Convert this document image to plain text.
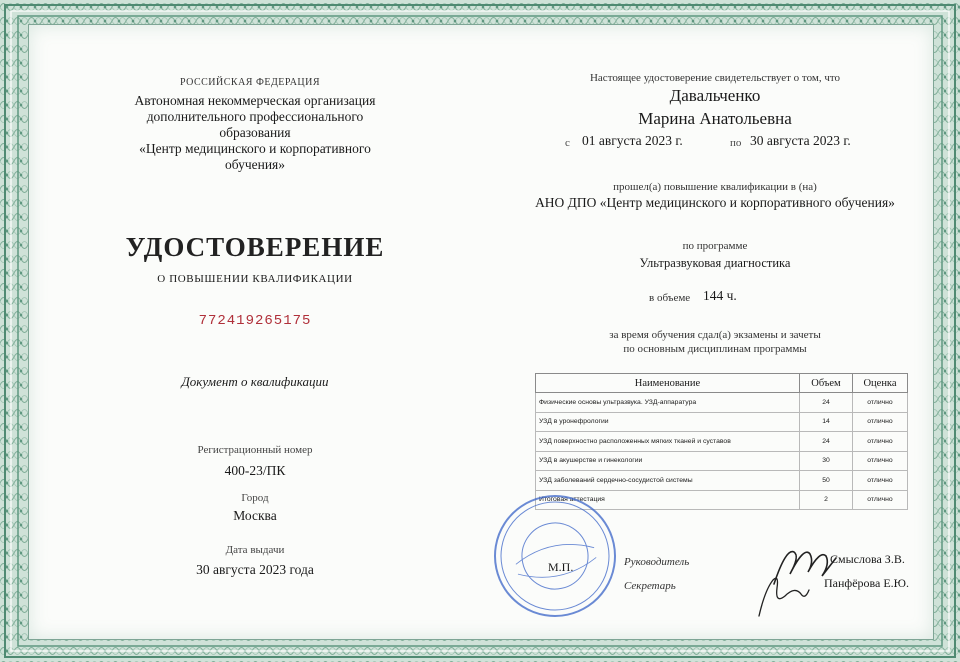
РОССИЙСКАЯ ФЕДЕРАЦИЯ
Автономная некоммерческая организация
дополнительного профессионального
образования
«Центр медицинского и корпоративного
обучения»
УДОСТОВЕРЕНИЕ
О ПОВЫШЕНИИ КВАЛИФИКАЦИИ
772419265175
Документ о квалификации
Регистрационный номер
400-23/ПК
Город
Москва
Дата выдачи
30 августа 2023 года
Настоящее удостоверение свидетельствует о том, что
Давальченко
Марина Анатольевна
с 01 августа 2023 г.	по 30 августа 2023 г.
прошел(а) повышение квалификации в (на)
АНО ДПО «Центр медицинского и корпоративного обучения»
по программе
Ультразвуковая диагностика
в объеме 144 ч.
за время обучения сдал(а) экзамены и зачеты
по основным дисциплинам программы
Наименование	Объем	Оценка
Физические основы ультразвука. УЗД-аппаратура	24	отлично
УЗД в уронефрологии	14	отлично
УЗД поверхностно расположенных мягких тканей и суставов	24	отлично
УЗД в акушерстве и гинекологии	30	отлично
УЗД заболеваний сердечно-сосудистой системы	50	отлично
Итоговая аттестация	2	отлично
М.П.	Руководитель
Секретарь
Смыслова З.В.
Панфёрова Е.Ю.
